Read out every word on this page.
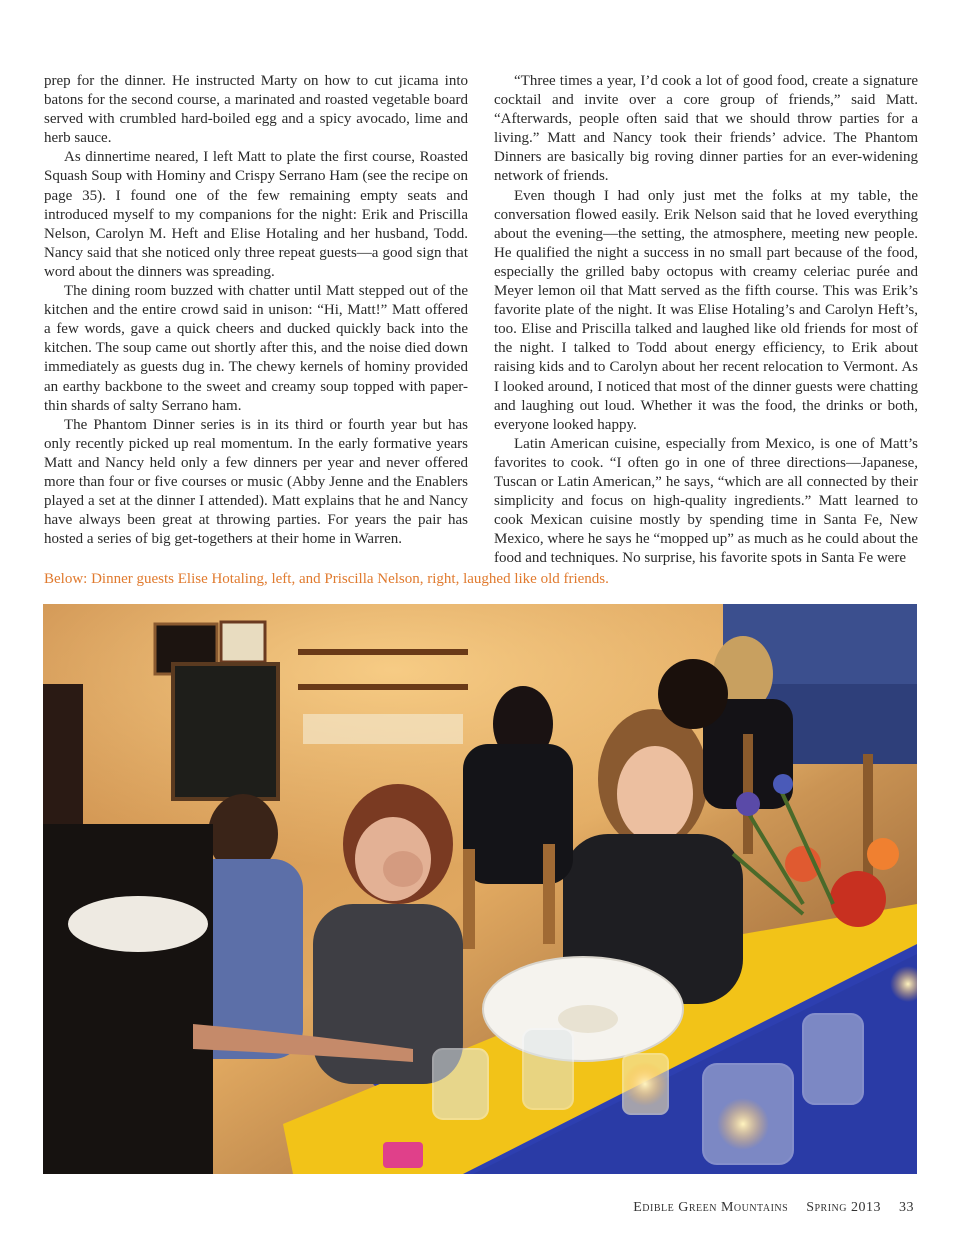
prep for the dinner. He instructed Marty on how to cut jicama into batons for the second course, a marinated and roasted vegetable board served with crumbled hard-boiled egg and a spicy avocado, lime and herb sauce.

As dinnertime neared, I left Matt to plate the first course, Roasted Squash Soup with Hominy and Crispy Serrano Ham (see the recipe on page 35). I found one of the few remaining empty seats and introduced myself to my companions for the night: Erik and Priscilla Nelson, Carolyn M. Heft and Elise Hotaling and her husband, Todd. Nancy said that she noticed only three repeat guests—a good sign that word about the dinners was spreading.

The dining room buzzed with chatter until Matt stepped out of the kitchen and the entire crowd said in unison: “Hi, Matt!” Matt offered a few words, gave a quick cheers and ducked quickly back into the kitchen. The soup came out shortly after this, and the noise died down immediately as guests dug in. The chewy kernels of hominy provided an earthy backbone to the sweet and creamy soup topped with paper-thin shards of salty Serrano ham.

The Phantom Dinner series is in its third or fourth year but has only recently picked up real momentum. In the early formative years Matt and Nancy held only a few dinners per year and never offered more than four or five courses or music (Abby Jenne and the Enablers played a set at the dinner I attended). Matt explains that he and Nancy have always been great at throwing parties. For years the pair has hosted a series of big get-togethers at their home in Warren.

“Three times a year, I’d cook a lot of good food, create a signature cocktail and invite over a core group of friends,” said Matt. “Afterwards, people often said that we should throw parties for a living.” Matt and Nancy took their friends’ advice. The Phantom Dinners are basically big roving dinner parties for an ever-widening network of friends.

Even though I had only just met the folks at my table, the conversation flowed easily. Erik Nelson said that he loved everything about the evening—the setting, the atmosphere, meeting new people. He qualified the night a success in no small part because of the food, especially the grilled baby octopus with creamy celeriac purée and Meyer lemon oil that Matt served as the fifth course. This was Erik’s favorite plate of the night. It was Elise Hotaling’s and Carolyn Heft’s, too. Elise and Priscilla talked and laughed like old friends for most of the night. I talked to Todd about energy efficiency, to Erik about raising kids and to Carolyn about her recent relocation to Vermont. As I looked around, I noticed that most of the dinner guests were chatting and laughing out loud. Whether it was the food, the drinks or both, everyone looked happy.

Latin American cuisine, especially from Mexico, is one of Matt’s favorites to cook. “I often go in one of three directions—Japanese, Tuscan or Latin American,” he says, “which are all connected by their simplicity and focus on high-quality ingredients.” Matt learned to cook Mexican cuisine mostly by spending time in Santa Fe, New Mexico, where he says he “mopped up” as much as he could about the food and techniques. No surprise, his favorite spots in Santa Fe were

Below: Dinner guests Elise Hotaling, left, and Priscilla Nelson, right, laughed like old friends.
Edible Green Mountains Spring 2013 33
